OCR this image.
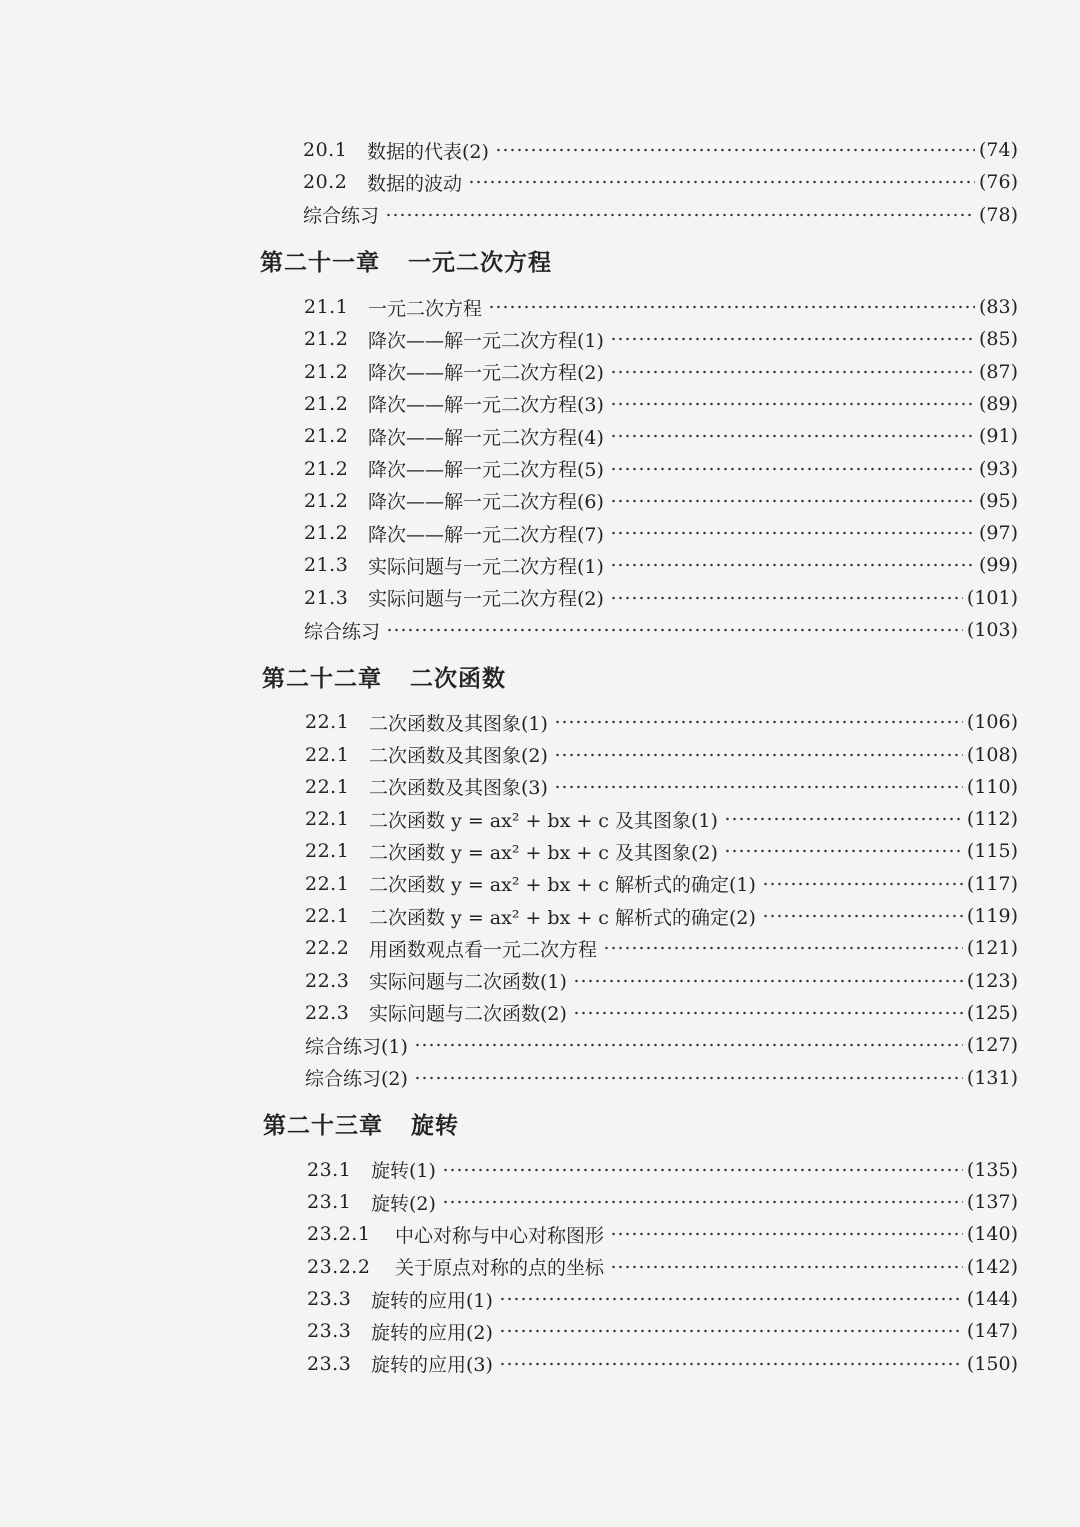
20.1	数据的代表(2)	(74)
20.2	数据的波动	(76)
综合练习	(78)
第二十一章 一元二次方程
21.1	一元二次方程	(83)
21.2	降次——解一元二次方程(1)	(85)
21.2	降次——解一元二次方程(2)	(87)
21.2	降次——解一元二次方程(3)	(89)
21.2	降次——解一元二次方程(4)	(91)
21.2	降次——解一元二次方程(5)	(93)
21.2	降次——解一元二次方程(6)	(95)
21.2	降次——解一元二次方程(7)	(97)
21.3	实际问题与一元二次方程(1)	(99)
21.3	实际问题与一元二次方程(2)	(101)
综合练习	(103)
第二十二章 二次函数
22.1	二次函数及其图象(1)	(106)
22.1	二次函数及其图象(2)	(108)
22.1	二次函数及其图象(3)	(110)
22.1	二次函数 y = ax² + bx + c 及其图象(1)	(112)
22.1	二次函数 y = ax² + bx + c 及其图象(2)	(115)
22.1	二次函数 y = ax² + bx + c 解析式的确定(1)	(117)
22.1	二次函数 y = ax² + bx + c 解析式的确定(2)	(119)
22.2	用函数观点看一元二次方程	(121)
22.3	实际问题与二次函数(1)	(123)
22.3	实际问题与二次函数(2)	(125)
综合练习(1)	(127)
综合练习(2)	(131)
第二十三章 旋转
23.1	旋转(1)	(135)
23.1	旋转(2)	(137)
23.2.1	中心对称与中心对称图形	(140)
23.2.2	关于原点对称的点的坐标	(142)
23.3	旋转的应用(1)	(144)
23.3	旋转的应用(2)	(147)
23.3	旋转的应用(3)	(150)
